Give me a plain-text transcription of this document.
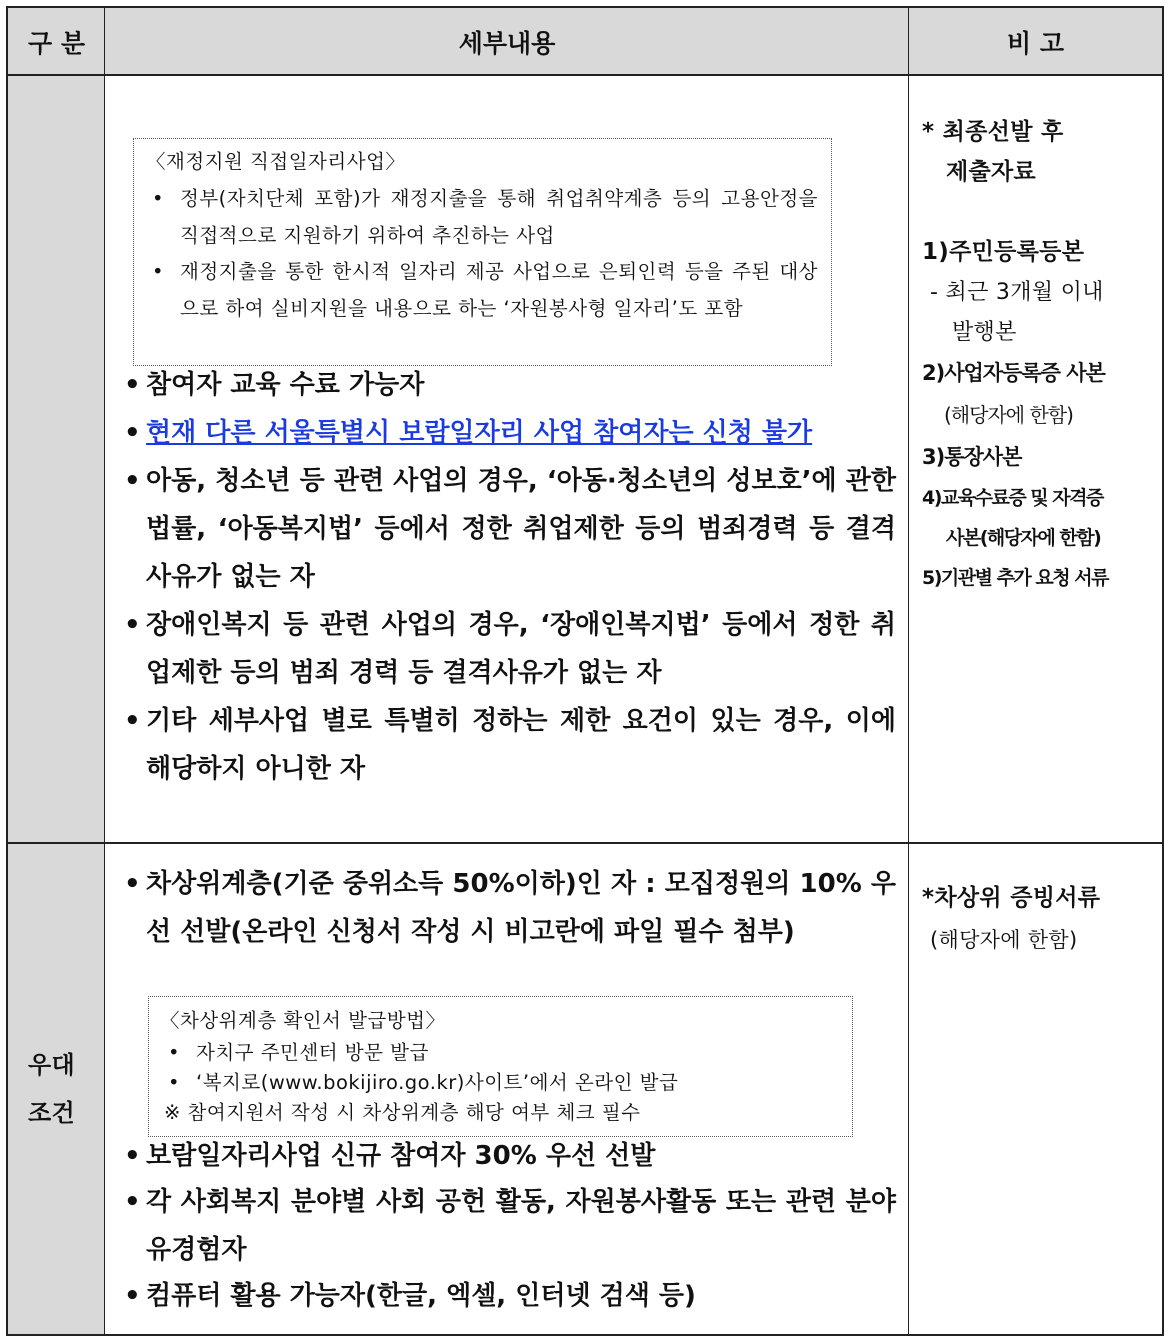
구 분	세부내용	비 고
〈재정지원 직접일자리사업〉
• 정부(자치단체 포함)가 재정지출을 통해 취업취약계층 등의 고용안정을 직접적으로 지원하기 위하여 추진하는 사업
• 재정지출을 통한 한시적 일자리 제공 사업으로 은퇴인력 등을 주된 대상으로 하여 실비지원을 내용으로 하는 ‘자원봉사형 일자리’도 포함
• 참여자 교육 수료 가능자
• 현재 다른 서울특별시 보람일자리 사업 참여자는 신청 불가
• 아동, 청소년 등 관련 사업의 경우, ‘아동·청소년의 성보호’에 관한 법률, ‘아동복지법’ 등에서 정한 취업제한 등의 범죄경력 등 결격사유가 없는 자
• 장애인복지 등 관련 사업의 경우, ‘장애인복지법’ 등에서 정한 취업제한 등의 범죄 경력 등 결격사유가 없는 자
• 기타 세부사업 별로 특별히 정하는 제한 요건이 있는 경우, 이에 해당하지 아니한 자
* 최종선발 후
제출자료
1)주민등록등본
- 최근 3개월 이내
발행본
2)사업자등록증 사본
(해당자에 한함)
3)통장사본
4)교육수료증 및 자격증
사본(해당자에 한함)
5)기관별 추가 요청 서류
우대
조건
• 차상위계층(기준 중위소득 50%이하)인 자 : 모집정원의 10% 우선 선발(온라인 신청서 작성 시 비고란에 파일 필수 첨부)
〈차상위계층 확인서 발급방법〉
• 자치구 주민센터 방문 발급
• ‘복지로(www.bokijiro.go.kr)사이트’에서 온라인 발급
※ 참여지원서 작성 시 차상위계층 해당 여부 체크 필수
• 보람일자리사업 신규 참여자 30% 우선 선발
• 각 사회복지 분야별 사회 공헌 활동, 자원봉사활동 또는 관련 분야 유경험자
• 컴퓨터 활용 가능자(한글, 엑셀, 인터넷 검색 등)
*차상위 증빙서류
(해당자에 한함)
